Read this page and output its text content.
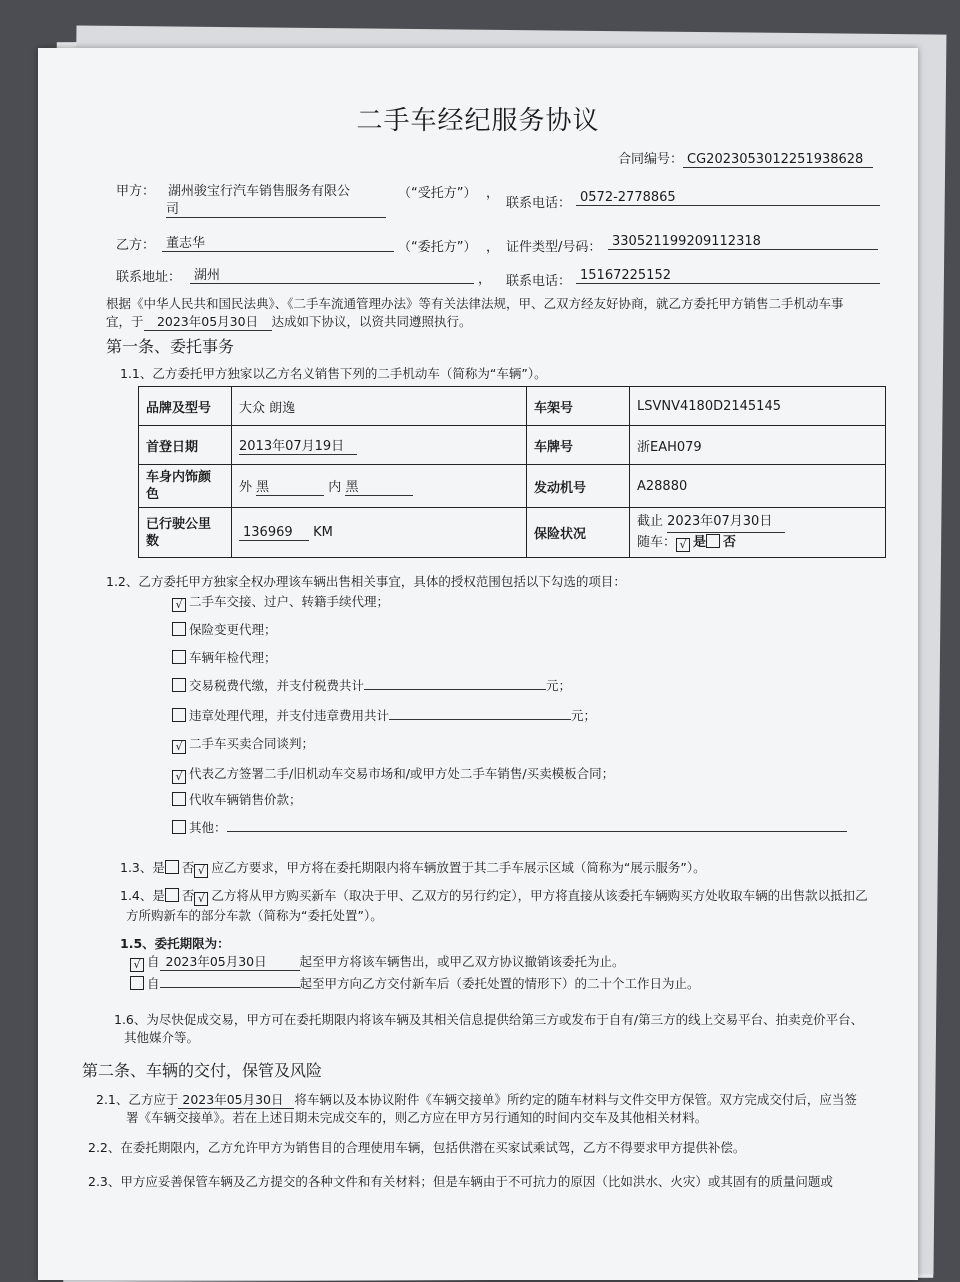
二手车经纪服务协议
合同编号： CG2023053012251938628
甲方： 湖州骏宝行汽车销售服务有限公
司
（“受托方”） ，
联系电话： 0572-2778865
乙方： 董志华	（“委托方”） ， 证件类型/号码： 330521199209112318
联系地址： 湖州	， 联系电话： 15167225152
根据《中华人民共和国民法典》、《二手车流通管理办法》等有关法律法规，甲、乙双方经友好协商，就乙方委托甲方销售二手机动车事
宜，于 2023年05月30日 达成如下协议，以资共同遵照执行。
第一条、委托事务
1.1、乙方委托甲方独家以乙方名义销售下列的二手机动车（简称为“车辆”）。
品牌及型号	大众 朗逸	车架号	LSVNV4180D2145145
首登日期	2013年07月19日	车牌号	浙EAH079
车身内饰颜
色	外 黑 内 黑	发动机号	A28880
已行驶公里
数	136969 KM	保险状况	截止 2023年07月30日
随车： √ 是 否
1.2、乙方委托甲方独家全权办理该车辆出售相关事宜，具体的授权范围包括以下勾选的项目：
√ 二手车交接、过户、转籍手续代理；
保险变更代理；
车辆年检代理；
交易税费代缴，并支付税费共计	元；
违章处理代理，并支付违章费用共计	元；
√ 二手车买卖合同谈判；
√ 代表乙方签署二手/旧机动车交易市场和/或甲方处二手车销售/买卖模板合同；
代收车辆销售价款；
其他：
1.3、是 否 √ 应乙方要求，甲方将在委托期限内将车辆放置于其二手车展示区域（简称为“展示服务”）。
1.4、是 否 √ 乙方将从甲方购买新车（取决于甲、乙双方的另行约定），甲方将直接从该委托车辆购买方处收取车辆的出售款以抵扣乙
方所购新车的部分车款（简称为“委托处置”）。
1.5、委托期限为：
√ 自 2023年05月30日	起至甲方将该车辆售出，或甲乙双方协议撤销该委托为止。
自	起至甲方向乙方交付新车后（委托处置的情形下）的二十个工作日为止。
1.6、为尽快促成交易，甲方可在委托期限内将该车辆及其相关信息提供给第三方或发布于自有/第三方的线上交易平台、拍卖竞价平台、
其他媒介等。
第二条、车辆的交付，保管及风险
2.1、乙方应于 2023年05月30日 将车辆以及本协议附件《车辆交接单》所约定的随车材料与文件交甲方保管。双方完成交付后，应当签
署《车辆交接单》。若在上述日期未完成交车的，则乙方应在甲方另行通知的时间内交车及其他相关材料。
2.2、在委托期限内，乙方允许甲方为销售目的合理使用车辆，包括供潜在买家试乘试驾，乙方不得要求甲方提供补偿。
2.3、甲方应妥善保管车辆及乙方提交的各种文件和有关材料；但是车辆由于不可抗力的原因（比如洪水、火灾）或其固有的质量问题或
